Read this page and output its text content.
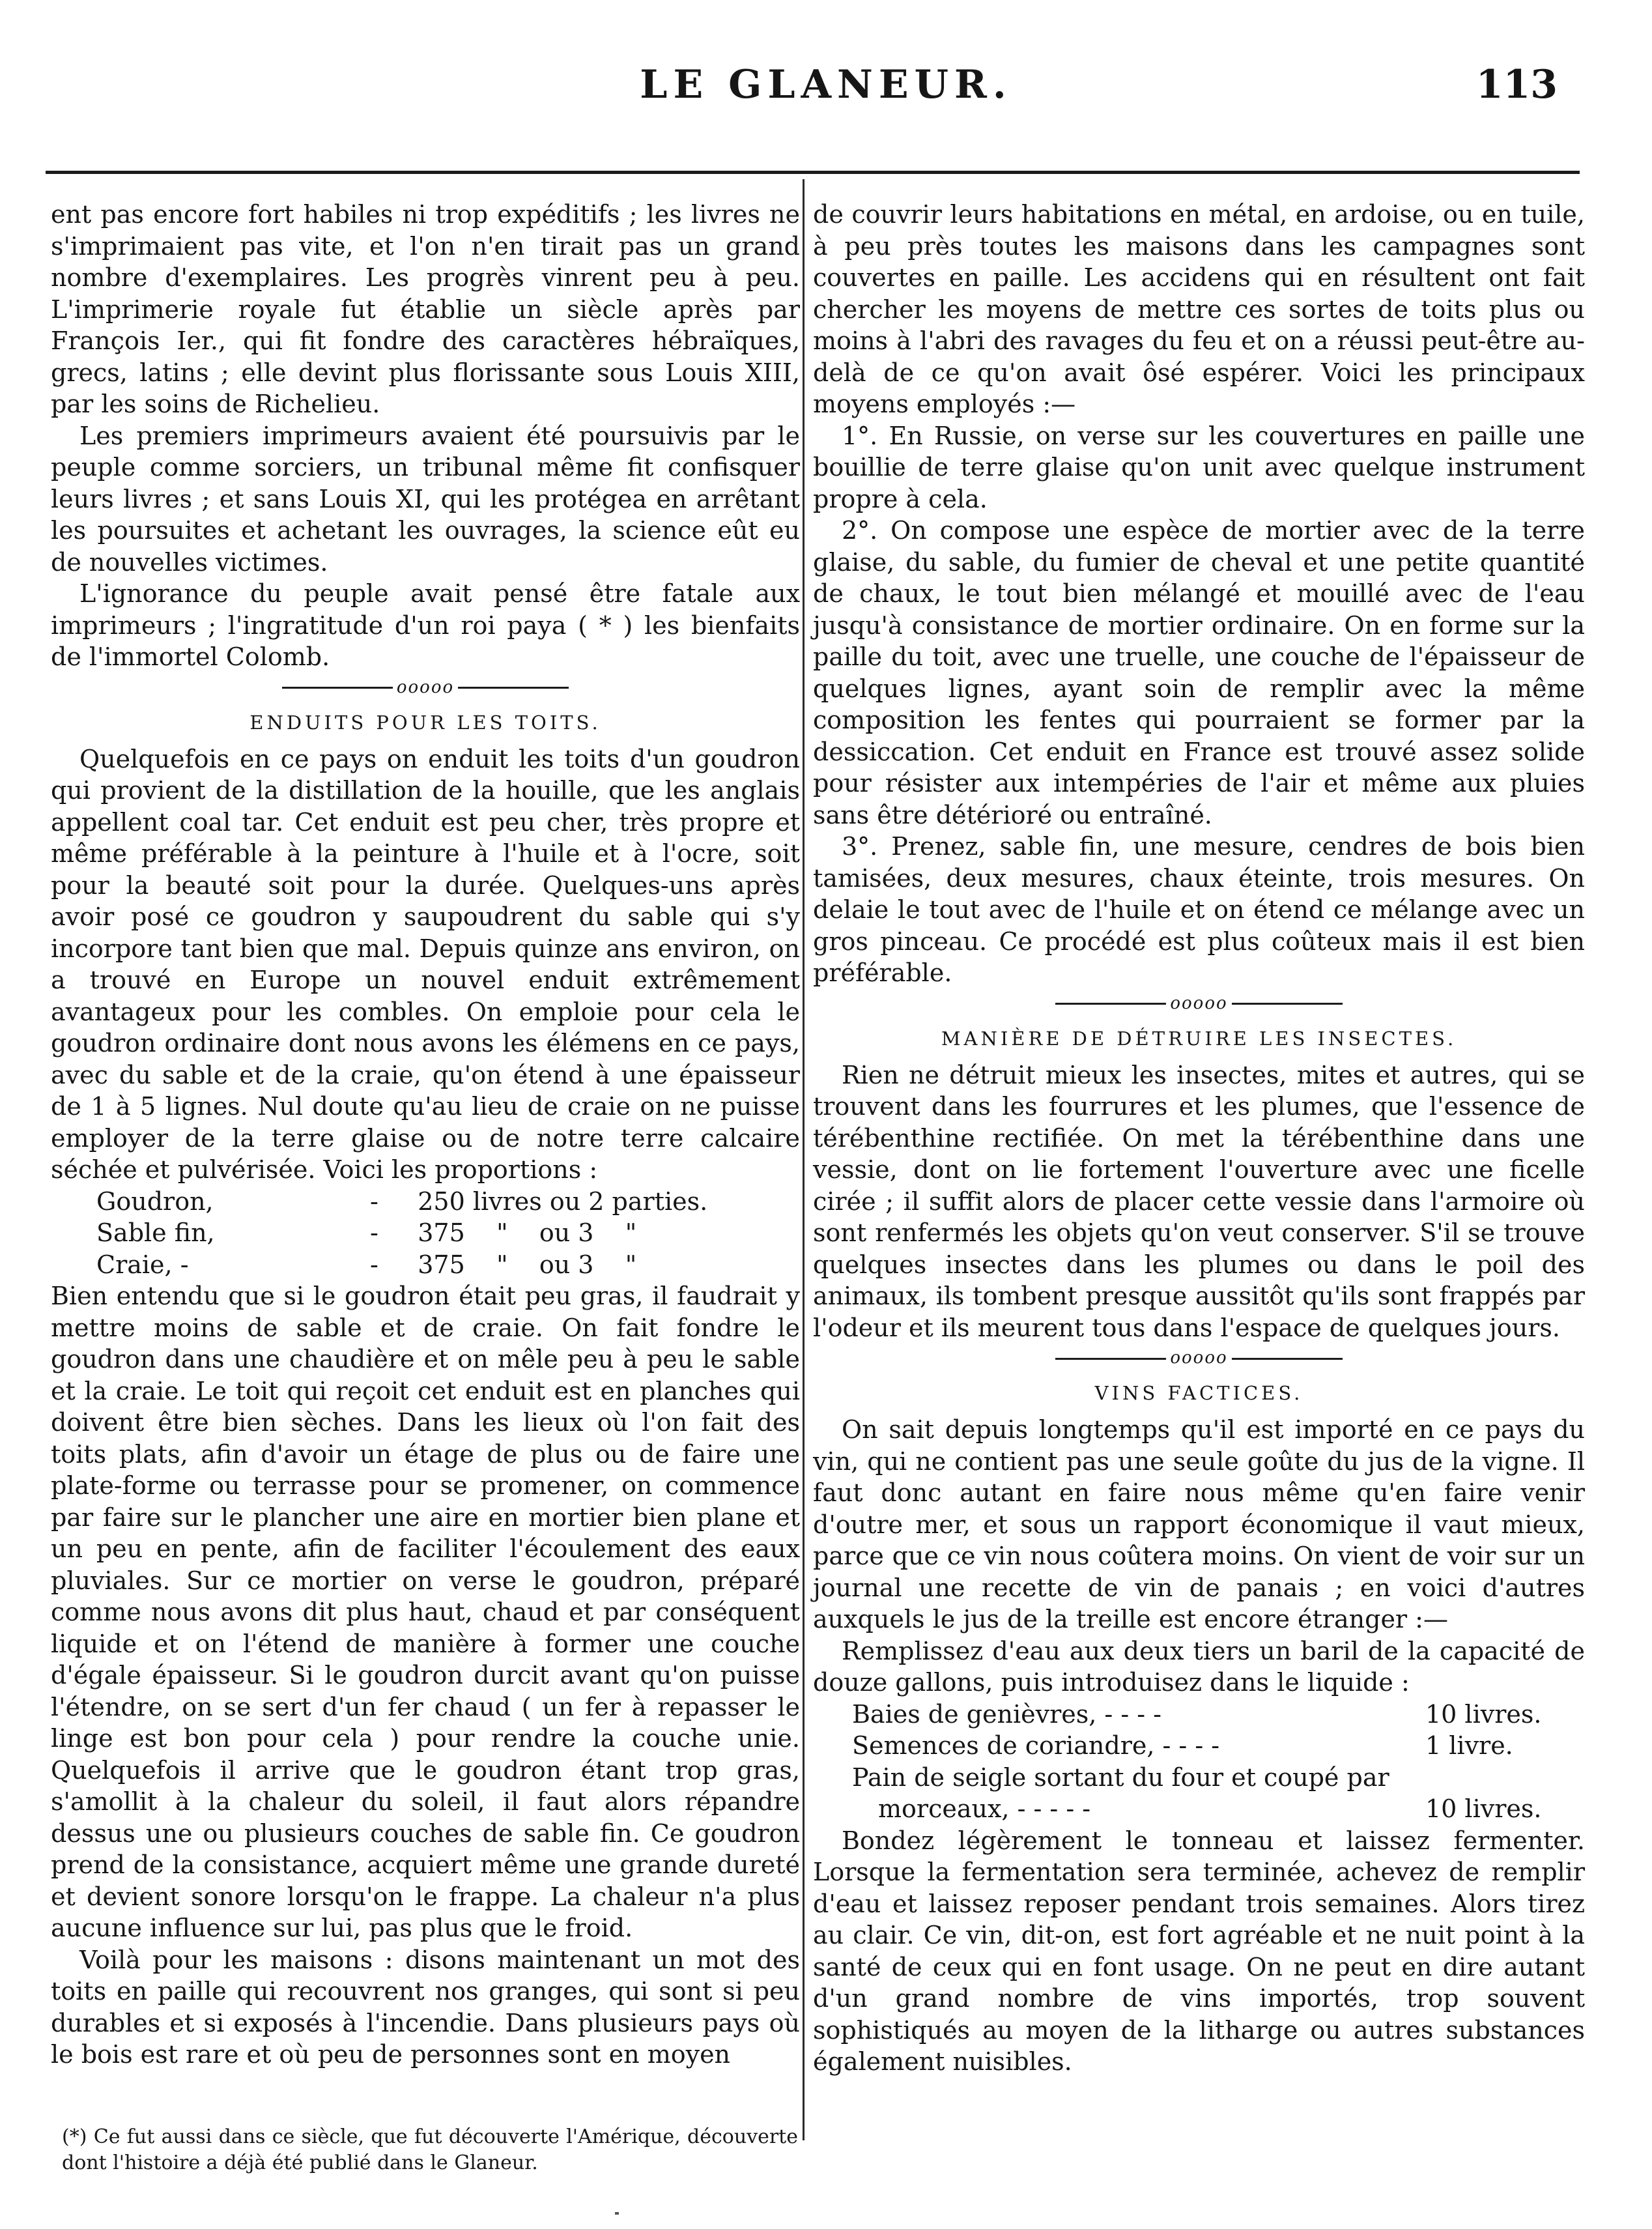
LE GLANEUR.	113

ent pas encore fort habiles ni trop expéditifs ; les livres ne s'imprimaient pas vite, et l'on n'en tirait pas un grand nombre d'exemplaires. Les progrès vinrent peu à peu. L'imprimerie royale fut établie un siècle après par François Ier., qui fit fondre des caractères hébraïques, grecs, latins ; elle devint plus florissante sous Louis XIII, par les soins de Richelieu.

Les premiers imprimeurs avaient été poursuivis par le peuple comme sorciers, un tribunal même fit confisquer leurs livres ; et sans Louis XI, qui les protégea en arrêtant les poursuites et achetant les ouvrages, la science eût eu de nouvelles victimes.

L'ignorance du peuple avait pensé être fatale aux imprimeurs ; l'ingratitude d'un roi paya ( * ) les bienfaits de l'immortel Colomb.

ooooo
ENDUITS POUR LES TOITS.

Quelquefois en ce pays on enduit les toits d'un goudron qui provient de la distillation de la houille, que les anglais appellent coal tar. Cet enduit est peu cher, très propre et même préférable à la peinture à l'huile et à l'ocre, soit pour la beauté soit pour la durée. Quelques-uns après avoir posé ce goudron y saupoudrent du sable qui s'y incorpore tant bien que mal. Depuis quinze ans environ, on a trouvé en Europe un nouvel enduit extrêmement avantageux pour les combles. On emploie pour cela le goudron ordinaire dont nous avons les élémens en ce pays, avec du sable et de la craie, qu'on étend à une épaisseur de 1 à 5 lignes. Nul doute qu'au lieu de craie on ne puisse employer de la terre glaise ou de notre terre calcaire séchée et pulvérisée. Voici les proportions :

Goudron,	-     250 livres ou 2 parties.
Sable fin,	-     375    "    ou 3    "
Craie, -	-     375    "    ou 3    "

Bien entendu que si le goudron était peu gras, il faudrait y mettre moins de sable et de craie. On fait fondre le goudron dans une chaudière et on mêle peu à peu le sable et la craie. Le toit qui reçoit cet enduit est en planches qui doivent être bien sèches. Dans les lieux où l'on fait des toits plats, afin d'avoir un étage de plus ou de faire une plate-forme ou terrasse pour se promener, on commence par faire sur le plancher une aire en mortier bien plane et un peu en pente, afin de faciliter l'écoulement des eaux pluviales. Sur ce mortier on verse le goudron, préparé comme nous avons dit plus haut, chaud et par conséquent liquide et on l'étend de manière à former une couche d'égale épaisseur. Si le goudron durcit avant qu'on puisse l'étendre, on se sert d'un fer chaud ( un fer à repasser le linge est bon pour cela ) pour rendre la couche unie. Quelquefois il arrive que le goudron étant trop gras, s'amollit à la chaleur du soleil, il faut alors répandre dessus une ou plusieurs couches de sable fin. Ce goudron prend de la consistance, acquiert même une grande dureté et devient sonore lorsqu'on le frappe. La chaleur n'a plus aucune influence sur lui, pas plus que le froid.

Voilà pour les maisons : disons maintenant un mot des toits en paille qui recouvrent nos granges, qui sont si peu durables et si exposés à l'incendie. Dans plusieurs pays où le bois est rare et où peu de personnes sont en moyen

de couvrir leurs habitations en métal, en ardoise, ou en tuile, à peu près toutes les maisons dans les campagnes sont couvertes en paille. Les accidens qui en résultent ont fait chercher les moyens de mettre ces sortes de toits plus ou moins à l'abri des ravages du feu et on a réussi peut-être au-delà de ce qu'on avait ôsé espérer. Voici les principaux moyens employés :—

1°. En Russie, on verse sur les couvertures en paille une bouillie de terre glaise qu'on unit avec quelque instrument propre à cela.

2°. On compose une espèce de mortier avec de la terre glaise, du sable, du fumier de cheval et une petite quantité de chaux, le tout bien mélangé et mouillé avec de l'eau jusqu'à consistance de mortier ordinaire. On en forme sur la paille du toit, avec une truelle, une couche de l'épaisseur de quelques lignes, ayant soin de remplir avec la même composition les fentes qui pourraient se former par la dessiccation. Cet enduit en France est trouvé assez solide pour résister aux intempéries de l'air et même aux pluies sans être détérioré ou entraîné.

3°. Prenez, sable fin, une mesure, cendres de bois bien tamisées, deux mesures, chaux éteinte, trois mesures. On delaie le tout avec de l'huile et on étend ce mélange avec un gros pinceau. Ce procédé est plus coûteux mais il est bien préférable.

ooooo
MANIÈRE DE DÉTRUIRE LES INSECTES.

Rien ne détruit mieux les insectes, mites et autres, qui se trouvent dans les fourrures et les plumes, que l'essence de térébenthine rectifiée. On met la térébenthine dans une vessie, dont on lie fortement l'ouverture avec une ficelle cirée ; il suffit alors de placer cette vessie dans l'armoire où sont renfermés les objets qu'on veut conserver. S'il se trouve quelques insectes dans les plumes ou dans le poil des animaux, ils tombent presque aussitôt qu'ils sont frappés par l'odeur et ils meurent tous dans l'espace de quelques jours.

ooooo
VINS FACTICES.

On sait depuis longtemps qu'il est importé en ce pays du vin, qui ne contient pas une seule goûte du jus de la vigne. Il faut donc autant en faire nous même qu'en faire venir d'outre mer, et sous un rapport économique il vaut mieux, parce que ce vin nous coûtera moins. On vient de voir sur un journal une recette de vin de panais ; en voici d'autres auxquels le jus de la treille est encore étranger :—

Remplissez d'eau aux deux tiers un baril de la capacité de douze gallons, puis introduisez dans le liquide :

Baies de genièvres, - - - -	10 livres.
Semences de coriandre, - - - -	1 livre.
Pain de seigle sortant du four et coupé par
morceaux, - - - - -	10 livres.

Bondez légèrement le tonneau et laissez fermenter. Lorsque la fermentation sera terminée, achevez de remplir d'eau et laissez reposer pendant trois semaines. Alors tirez au clair. Ce vin, dit-on, est fort agréable et ne nuit point à la santé de ceux qui en font usage. On ne peut en dire autant d'un grand nombre de vins importés, trop souvent sophistiqués au moyen de la litharge ou autres substances également nuisibles.

(*) Ce fut aussi dans ce siècle, que fut découverte l'Amérique, découverte dont l'histoire a déjà été publié dans le Glaneur.
